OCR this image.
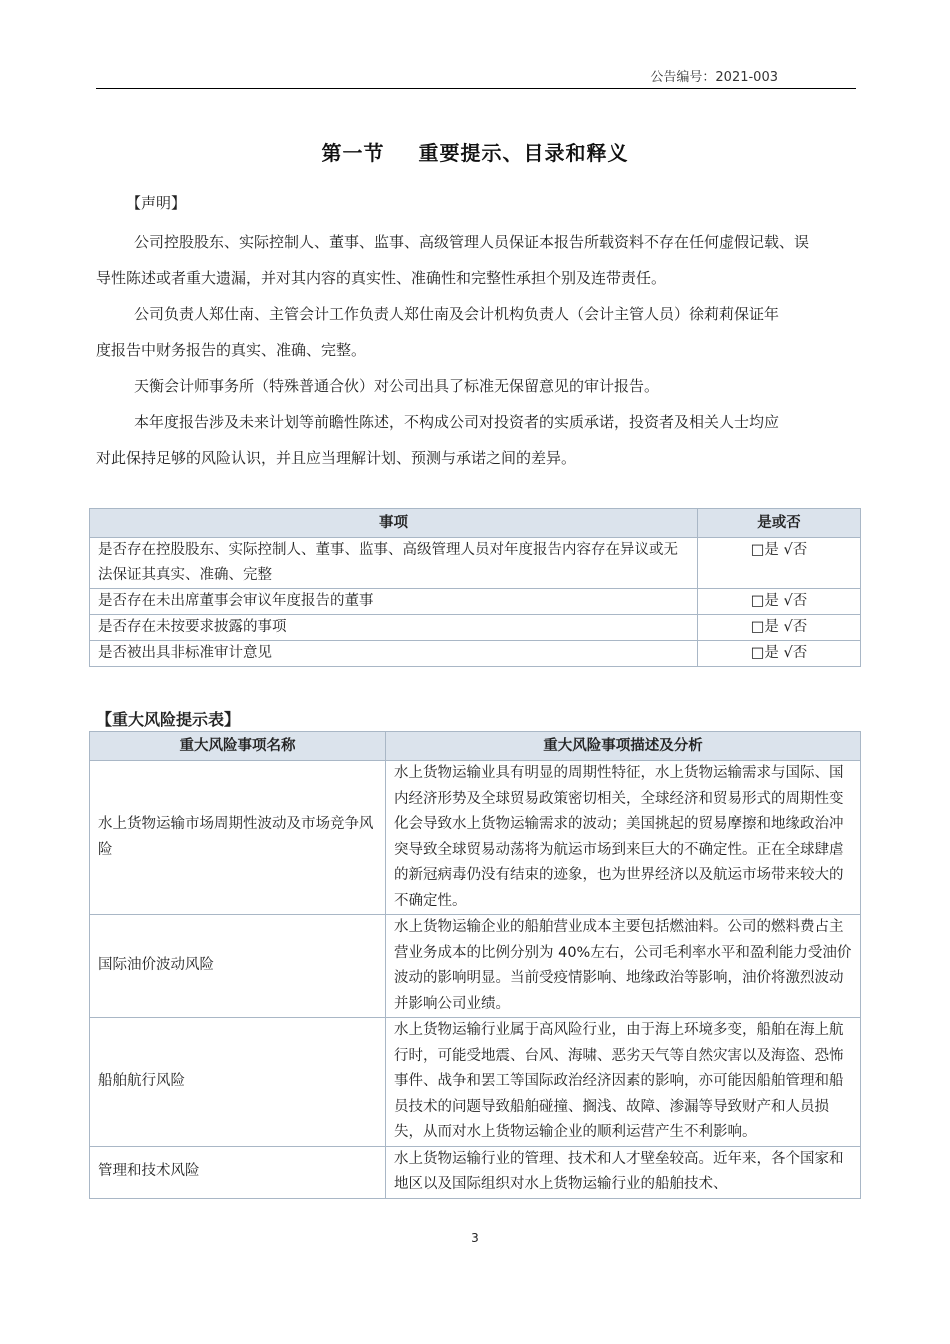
公告编号：2021-003
第一节 重要提示、目录和释义
【声明】
公司控股股东、实际控制人、董事、监事、高级管理人员保证本报告所载资料不存在任何虚假记载、误
导性陈述或者重大遗漏，并对其内容的真实性、准确性和完整性承担个别及连带责任。
公司负责人郑仕南、主管会计工作负责人郑仕南及会计机构负责人（会计主管人员）徐莉莉保证年
度报告中财务报告的真实、准确、完整。
天衡会计师事务所（特殊普通合伙）对公司出具了标准无保留意见的审计报告。
本年度报告涉及未来计划等前瞻性陈述，不构成公司对投资者的实质承诺，投资者及相关人士均应
对此保持足够的风险认识，并且应当理解计划、预测与承诺之间的差异。
事项	是或否
是否存在控股股东、实际控制人、董事、监事、高级管理人员对年度报告内容存在异议或无法保证其真实、准确、完整	□是 √否
是否存在未出席董事会审议年度报告的董事	□是 √否
是否存在未按要求披露的事项	□是 √否
是否被出具非标准审计意见	□是 √否
【重大风险提示表】
重大风险事项名称	重大风险事项描述及分析
水上货物运输市场周期性波动及市场竞争风险	水上货物运输业具有明显的周期性特征，水上货物运输需求与国际、国内经济形势及全球贸易政策密切相关，全球经济和贸易形式的周期性变化会导致水上货物运输需求的波动；美国挑起的贸易摩擦和地缘政治冲突导致全球贸易动荡将为航运市场到来巨大的不确定性。正在全球肆虐的新冠病毒仍没有结束的迹象，也为世界经济以及航运市场带来较大的不确定性。
国际油价波动风险	水上货物运输企业的船舶营业成本主要包括燃油料。公司的燃料费占主营业务成本的比例分别为 40%左右，公司毛利率水平和盈利能力受油价波动的影响明显。当前受疫情影响、地缘政治等影响，油价将激烈波动并影响公司业绩。
船舶航行风险	水上货物运输行业属于高风险行业，由于海上环境多变，船舶在海上航行时，可能受地震、台风、海啸、恶劣天气等自然灾害以及海盗、恐怖事件、战争和罢工等国际政治经济因素的影响，亦可能因船舶管理和船员技术的问题导致船舶碰撞、搁浅、故障、渗漏等导致财产和人员损失，从而对水上货物运输企业的顺利运营产生不利影响。
管理和技术风险	水上货物运输行业的管理、技术和人才壁垒较高。近年来，各个国家和地区以及国际组织对水上货物运输行业的船舶技术、
3
